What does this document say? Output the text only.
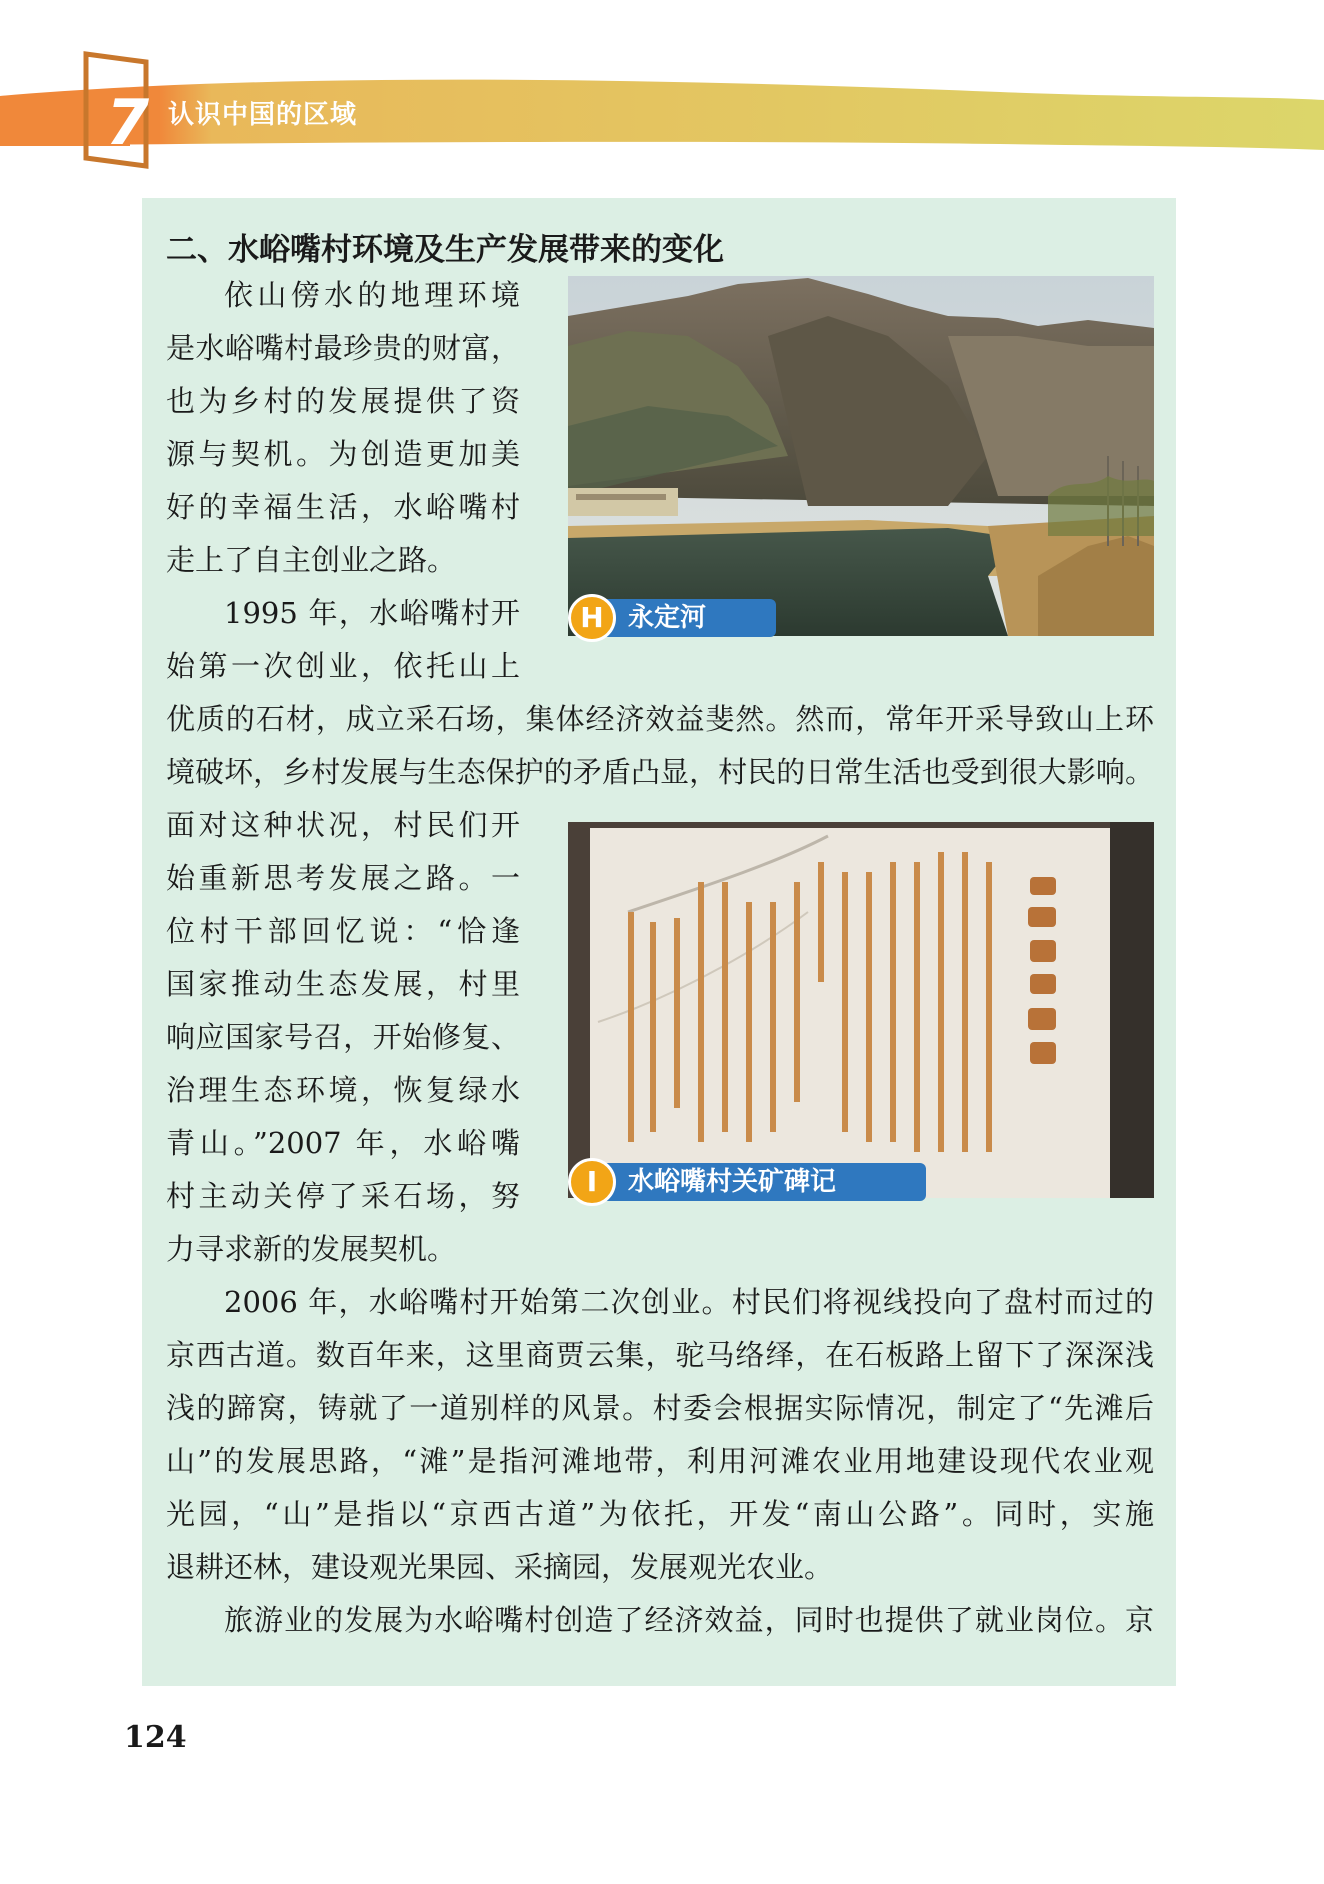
7 认识中国的区域
二、水峪嘴村环境及生产发展带来的变化
依山傍水的地理环境
是水峪嘴村最珍贵的财富，
也为乡村的发展提供了资
源与契机。为创造更加美
好的幸福生活，水峪嘴村
走上了自主创业之路。
1995 年，水峪嘴村开
始第一次创业，依托山上
优质的石材，成立采石场，集体经济效益斐然。然而，常年开采导致山上环
境破坏，乡村发展与生态保护的矛盾凸显，村民的日常生活也受到很大影响。
面对这种状况，村民们开
始重新思考发展之路。一
位村干部回忆说：“恰逢
国家推动生态发展，村里
响应国家号召，开始修复、
治理生态环境，恢复绿水
青山。”2007 年，水峪嘴
村主动关停了采石场，努
力寻求新的发展契机。
2006 年，水峪嘴村开始第二次创业。村民们将视线投向了盘村而过的
京西古道。数百年来，这里商贾云集，驼马络绎，在石板路上留下了深深浅
浅的蹄窝，铸就了一道别样的风景。村委会根据实际情况，制定了“先滩后
山”的发展思路，“滩”是指河滩地带，利用河滩农业用地建设现代农业观
光园，“山”是指以“京西古道”为依托，开发“南山公路”。同时，实施
退耕还林，建设观光果园、采摘园，发展观光农业。
旅游业的发展为水峪嘴村创造了经济效益，同时也提供了就业岗位。京
永定河
H
水峪嘴村关矿碑记
I
124
